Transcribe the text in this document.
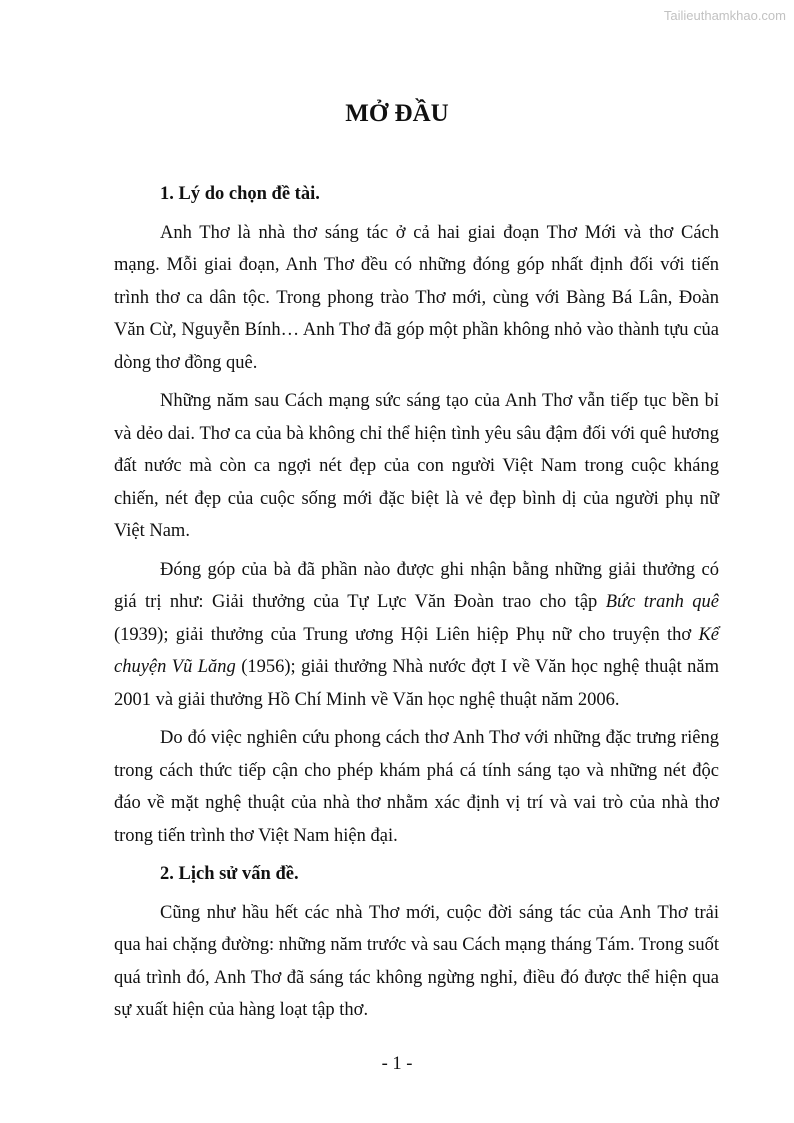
Tailieuthamkhao.com
MỞ ĐẦU

1. Lý do chọn đề tài.

Anh Thơ là nhà thơ sáng tác ở cả hai giai đoạn Thơ Mới và thơ Cách mạng. Mỗi giai đoạn, Anh Thơ đều có những đóng góp nhất định đối với tiến trình thơ ca dân tộc. Trong phong trào Thơ mới, cùng với Bàng Bá Lân, Đoàn Văn Cừ, Nguyễn Bính… Anh Thơ đã góp một phần không nhỏ vào thành tựu của dòng thơ đồng quê.

Những năm sau Cách mạng sức sáng tạo của Anh Thơ vẫn tiếp tục bền bỉ và dẻo dai. Thơ ca của bà không chỉ thể hiện tình yêu sâu đậm đối với quê hương đất nước mà còn ca ngợi nét đẹp của con người Việt Nam trong cuộc kháng chiến, nét đẹp của cuộc sống mới đặc biệt là vẻ đẹp bình dị của người phụ nữ Việt Nam.

Đóng góp của bà đã phần nào được ghi nhận bằng những giải thưởng có giá trị như: Giải thưởng của Tự Lực Văn Đoàn trao cho tập Bức tranh quê (1939); giải thưởng của Trung ương Hội Liên hiệp Phụ nữ cho truyện thơ Kể chuyện Vũ Lăng (1956); giải thưởng Nhà nước đợt I về Văn học nghệ thuật năm 2001 và giải thưởng Hồ Chí Minh về Văn học nghệ thuật năm 2006.

Do đó việc nghiên cứu phong cách thơ Anh Thơ với những đặc trưng riêng trong cách thức tiếp cận cho phép khám phá cá tính sáng tạo và những nét độc đáo về mặt nghệ thuật của nhà thơ nhằm xác định vị trí và vai trò của nhà thơ trong tiến trình thơ Việt Nam hiện đại.

2. Lịch sử vấn đề.

Cũng như hầu hết các nhà Thơ mới, cuộc đời sáng tác của Anh Thơ trải qua hai chặng đường: những năm trước và sau Cách mạng tháng Tám. Trong suốt quá trình đó, Anh Thơ đã sáng tác không ngừng nghỉ, điều đó được thể hiện qua sự xuất hiện của hàng loạt tập thơ.

- 1 -
